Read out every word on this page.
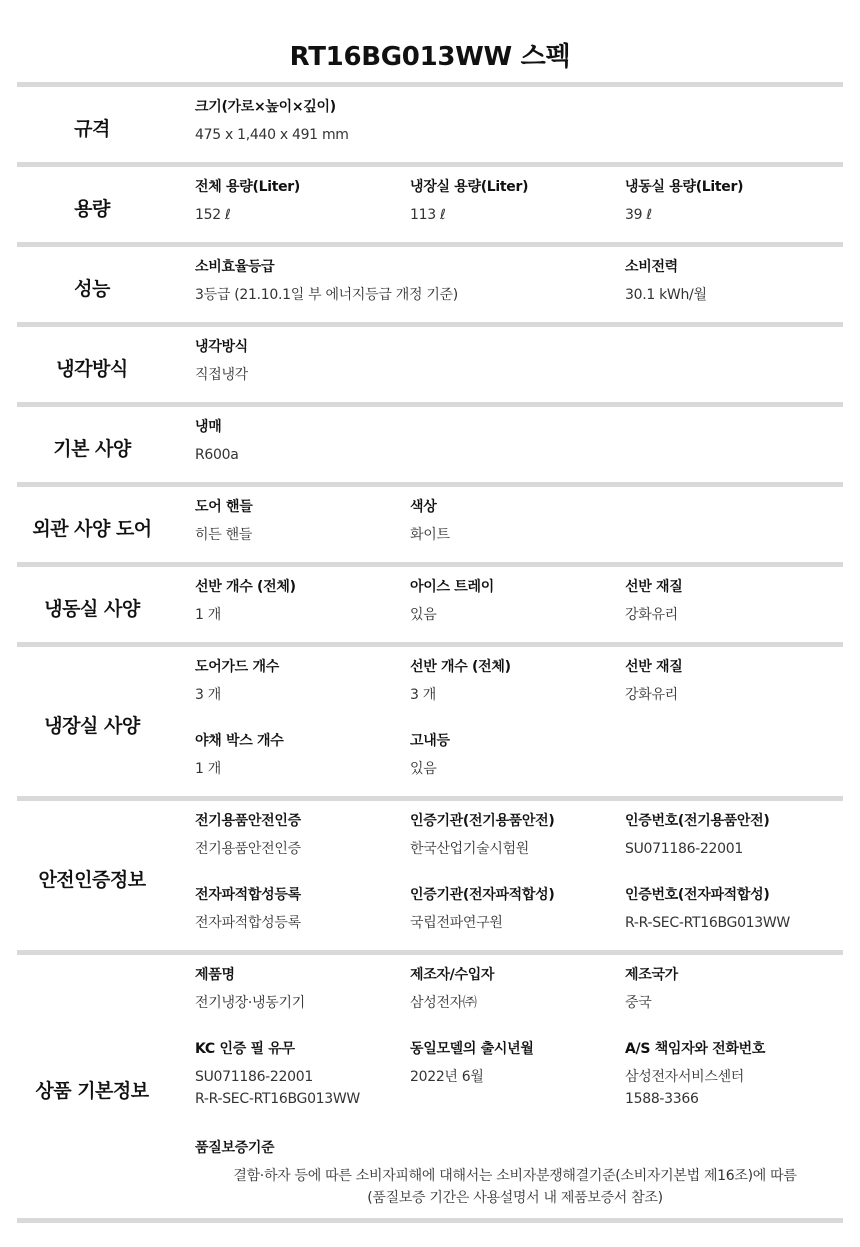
RT16BG013WW 스펙
규격
크기(가로×높이×깊이)
475 x 1,440 x 491 mm
용량
전체 용량(Liter)
152 ℓ
냉장실 용량(Liter)
113 ℓ
냉동실 용량(Liter)
39 ℓ
성능
소비효율등급
3등급 (21.10.1일 부 에너지등급 개정 기준)
소비전력
30.1 kWh/월
냉각방식
냉각방식
직접냉각
기본 사양
냉매
R600a
외관 사양 도어
도어 핸들
히든 핸들
색상
화이트
냉동실 사양
선반 개수 (전체)
1 개
아이스 트레이
있음
선반 재질
강화유리
냉장실 사양
도어가드 개수
3 개
선반 개수 (전체)
3 개
선반 재질
강화유리
야채 박스 개수
1 개
고내등
있음
안전인증정보
전기용품안전인증
전기용품안전인증
인증기관(전기용품안전)
한국산업기술시험원
인증번호(전기용품안전)
SU071186-22001
전자파적합성등록
전자파적합성등록
인증기관(전자파적합성)
국립전파연구원
인증번호(전자파적합성)
R-R-SEC-RT16BG013WW
상품 기본정보
제품명
전기냉장·냉동기기
제조자/수입자
삼성전자㈜
제조국가
중국
KC 인증 필 유무
SU071186-22001
R-R-SEC-RT16BG013WW
동일모델의 출시년월
2022년 6월
A/S 책임자와 전화번호
삼성전자서비스센터
1588-3366
품질보증기준
결함·하자 등에 따른 소비자피해에 대해서는 소비자분쟁해결기준(소비자기본법 제16조)에 따름
(품질보증 기간은 사용설명서 내 제품보증서 참조)
